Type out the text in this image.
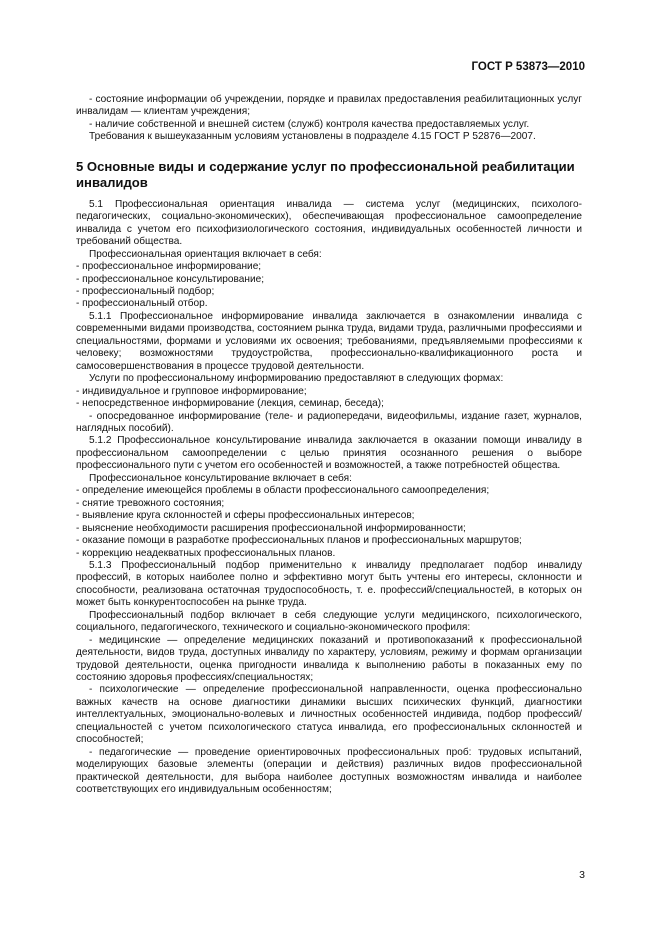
ГОСТ Р 53873—2010

- состояние информации об учреждении, порядке и правилах предоставления реабилитационных услуг инвалидам — клиентам учреждения;

- наличие собственной и внешней систем (служб) контроля качества предоставляемых услуг.

Требования к вышеуказанным условиям установлены в подразделе 4.15 ГОСТ Р 52876—2007.

5 Основные виды и содержание услуг по профессиональной реабилитации инвалидов

5.1 Профессиональная ориентация инвалида — система услуг (медицинских, психолого-педагогических, социально-экономических), обеспечивающая профессиональное самоопределение инвалида с учетом его психофизиологического состояния, индивидуальных особенностей личности и требований общества.

Профессиональная ориентация включает в себя:

- профессиональное информирование;

- профессиональное консультирование;

- профессиональный подбор;

- профессиональный отбор.

5.1.1 Профессиональное информирование инвалида заключается в ознакомлении инвалида с современными видами производства, состоянием рынка труда, видами труда, различными профессиями и специальностями, формами и условиями их освоения; требованиями, предъявляемыми профессиями к человеку; возможностями трудоустройства, профессионально-квалификационного роста и самосовершенствования в процессе трудовой деятельности.

Услуги по профессиональному информированию предоставляют в следующих формах:

- индивидуальное и групповое информирование;

- непосредственное информирование (лекция, семинар, беседа);

- опосредованное информирование (теле- и радиопередачи, видеофильмы, издание газет, журналов, наглядных пособий).

5.1.2 Профессиональное консультирование инвалида заключается в оказании помощи инвалиду в профессиональном самоопределении с целью принятия осознанного решения о выборе профессионального пути с учетом его особенностей и возможностей, а также потребностей общества.

Профессиональное консультирование включает в себя:

- определение имеющейся проблемы в области профессионального самоопределения;

- снятие тревожного состояния;

- выявление круга склонностей и сферы профессиональных интересов;

- выяснение необходимости расширения профессиональной информированности;

- оказание помощи в разработке профессиональных планов и профессиональных маршрутов;

- коррекцию неадекватных профессиональных планов.

5.1.3 Профессиональный подбор применительно к инвалиду предполагает подбор инвалиду профессий, в которых наиболее полно и эффективно могут быть учтены его интересы, склонности и способности, реализована остаточная трудоспособность, т. е. профессий/специальностей, в которых он может быть конкурентоспособен на рынке труда.

Профессиональный подбор включает в себя следующие услуги медицинского, психологического, социального, педагогического, технического и социально-экономического профиля:

- медицинские — определение медицинских показаний и противопоказаний к профессиональной деятельности, видов труда, доступных инвалиду по характеру, условиям, режиму и формам организации трудовой деятельности, оценка пригодности инвалида к выполнению работы в показанных ему по состоянию здоровья профессиях/специальностях;

- психологические — определение профессиональной направленности, оценка профессионально важных качеств на основе диагностики динамики высших психических функций, диагностики интеллектуальных, эмоционально-волевых и личностных особенностей индивида, подбор профессий/специальностей с учетом психологического статуса инвалида, его профессиональных склонностей и способностей;

- педагогические — проведение ориентировочных профессиональных проб: трудовых испытаний, моделирующих базовые элементы (операции и действия) различных видов профессиональной практической деятельности, для выбора наиболее доступных возможностям инвалида и наиболее соответствующих его индивидуальным особенностям;

3
